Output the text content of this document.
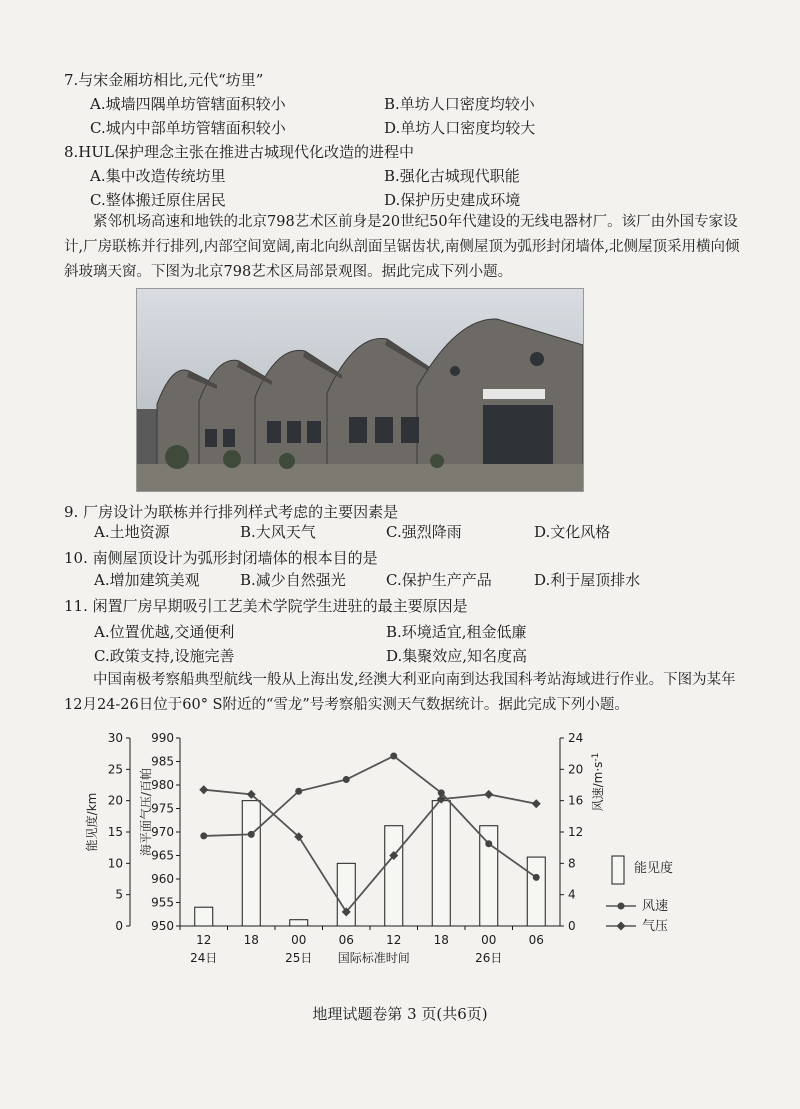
7.与宋金厢坊相比,元代“坊里”
A.城墙四隅单坊管辖面积较小	B.单坊人口密度均较小
C.城内中部单坊管辖面积较小	D.单坊人口密度均较大
8.HUL保护理念主张在推进古城现代化改造的进程中
A.集中改造传统坊里	B.强化古城现代职能
C.整体搬迁原住居民	D.保护历史建成环境
紧邻机场高速和地铁的北京798艺术区前身是20世纪50年代建设的无线电器材厂。该厂由外国专家设计,厂房联栋并行排列,内部空间宽阔,南北向纵剖面呈锯齿状,南侧屋顶为弧形封闭墙体,北侧屋顶采用横向倾斜玻璃天窗。下图为北京798艺术区局部景观图。据此完成下列小题。
9. 厂房设计为联栋并行排列样式考虑的主要因素是
A.土地资源	B.大风天气	C.强烈降雨	D.文化风格
10. 南侧屋顶设计为弧形封闭墙体的根本目的是
A.增加建筑美观	B.减少自然强光	C.保护生产产品	D.利于屋顶排水
11. 闲置厂房早期吸引工艺美术学院学生进驻的最主要原因是
A.位置优越,交通便利	B.环境适宜,租金低廉
C.政策支持,设施完善	D.集聚效应,知名度高
中国南极考察船典型航线一般从上海出发,经澳大利亚向南到达我国科考站海域进行作业。下图为某年12月24-26日位于60° S附近的“雪龙”号考察船实测天气数据统计。据此完成下列小题。
0
5
10
15
20
25
30
950
955
960
965
970
975
980
985
990
0
4
8
12
16
20
24
能见度/km	海平面气压/百帕	风速$/m\cdot s^{-1}$
12	18	00	06	12	18	00	06
24日	25日	26日
国际标准时间
能见度
风速
气压
地理试题卷第 3 页(共6页)
